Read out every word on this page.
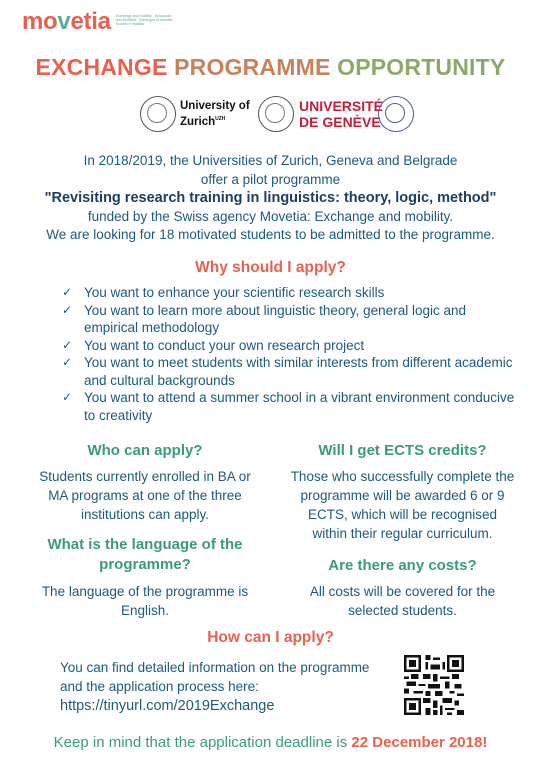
movetia Exchange and mobility · Austausch und Mobilität · Échanges et mobilité · Scambi e mobilità
EXCHANGE PROGRAMME OPPORTUNITY
University of
Zurich$^{UZH}$
UNIVERSITÉ
DE GENÈVE
In 2018/2019, the Universities of Zurich, Geneva and Belgrade
offer a pilot programme
"Revisiting research training in linguistics: theory, logic, method"
funded by the Swiss agency Movetia: Exchange and mobility.
We are looking for 18 motivated students to be admitted to the programme.
Why should I apply?
✓ You want to enhance your scientific research skills
✓ You want to learn more about linguistic theory, general logic and empirical methodology
✓ You want to conduct your own research project
✓ You want to meet students with similar interests from different academic and cultural backgrounds
✓ You want to attend a summer school in a vibrant environment conducive to creativity
Who can apply?
Students currently enrolled in BA or
MA programs at one of the three
institutions can apply.
Will I get ECTS credits?
Those who successfully complete the
programme will be awarded 6 or 9
ECTS, which will be recognised
within their regular curriculum.
What is the language of the
programme?
The language of the programme is
English.
Are there any costs?
All costs will be covered for the
selected students.
How can I apply?
You can find detailed information on the programme
and the application process here:
https://tinyurl.com/2019Exchange
Keep in mind that the application deadline is 22 December 2018!
